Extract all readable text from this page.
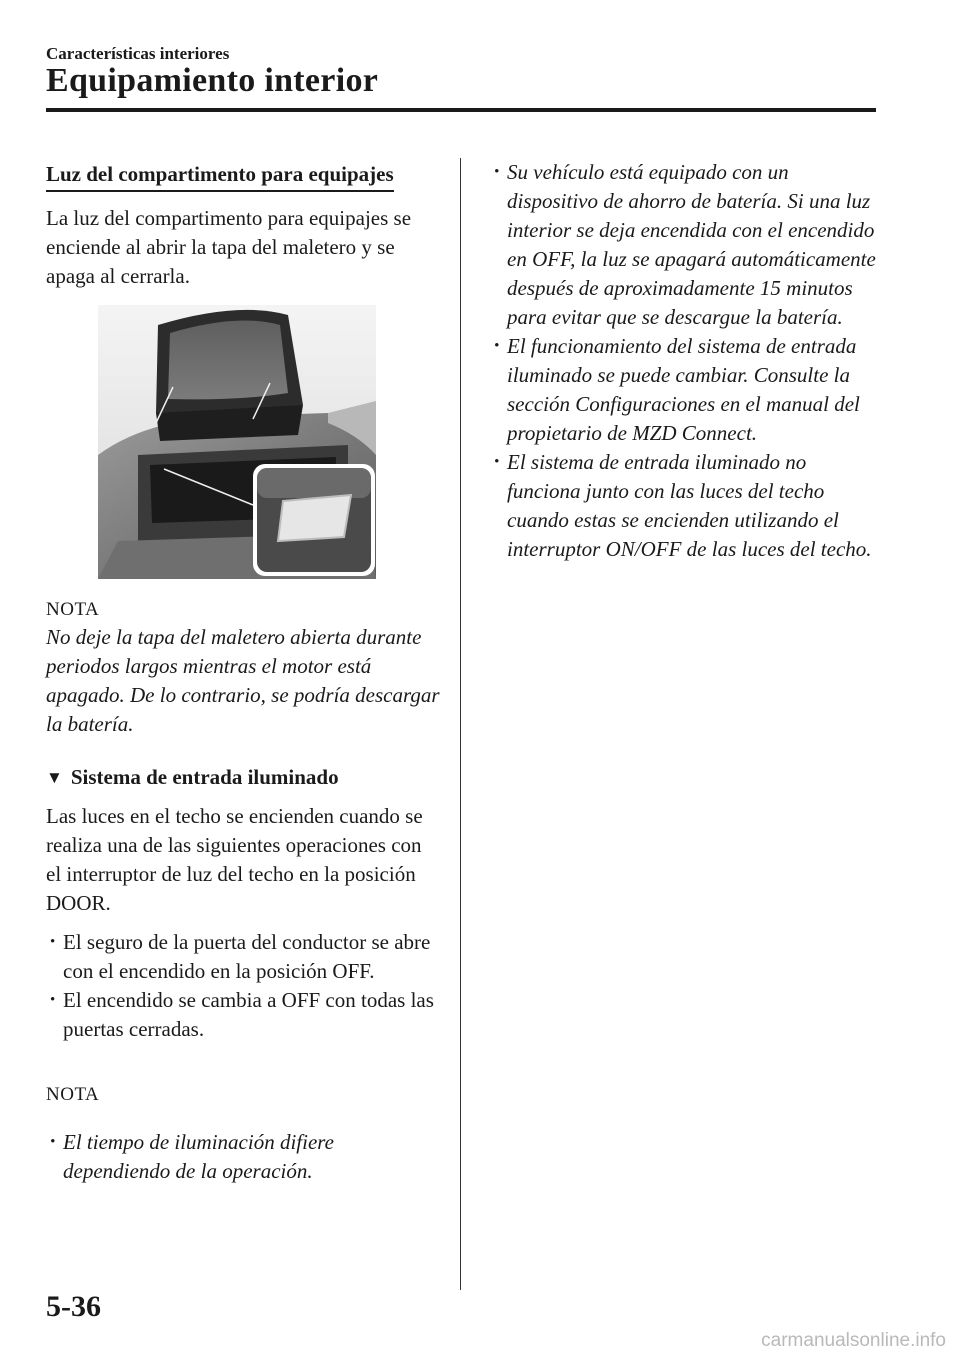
Características interiores
Equipamiento interior
Luz del compartimento para equipajes

La luz del compartimento para equipajes se enciende al abrir la tapa del maletero y se apaga al cerrarla.

NOTA

No deje la tapa del maletero abierta durante periodos largos mientras el motor está apagado. De lo contrario, se podría descargar la batería.

▼ Sistema de entrada iluminado

Las luces en el techo se encienden cuando se realiza una de las siguientes operaciones con el interruptor de luz del techo en la posición DOOR.

• El seguro de la puerta del conductor se abre con el encendido en la posición OFF.
• El encendido se cambia a OFF con todas las puertas cerradas.
NOTA
• El tiempo de iluminación difiere dependiendo de la operación.
• Su vehículo está equipado con un dispositivo de ahorro de batería. Si una luz interior se deja encendida con el encendido en OFF, la luz se apagará automáticamente después de aproximadamente 15 minutos para evitar que se descargue la batería.
• El funcionamiento del sistema de entrada iluminado se puede cambiar. Consulte la sección Configuraciones en el manual del propietario de MZD Connect.
• El sistema de entrada iluminado no funciona junto con las luces del techo cuando estas se encienden utilizando el interruptor ON/OFF de las luces del techo.
5-36
carmanualsonline.info
